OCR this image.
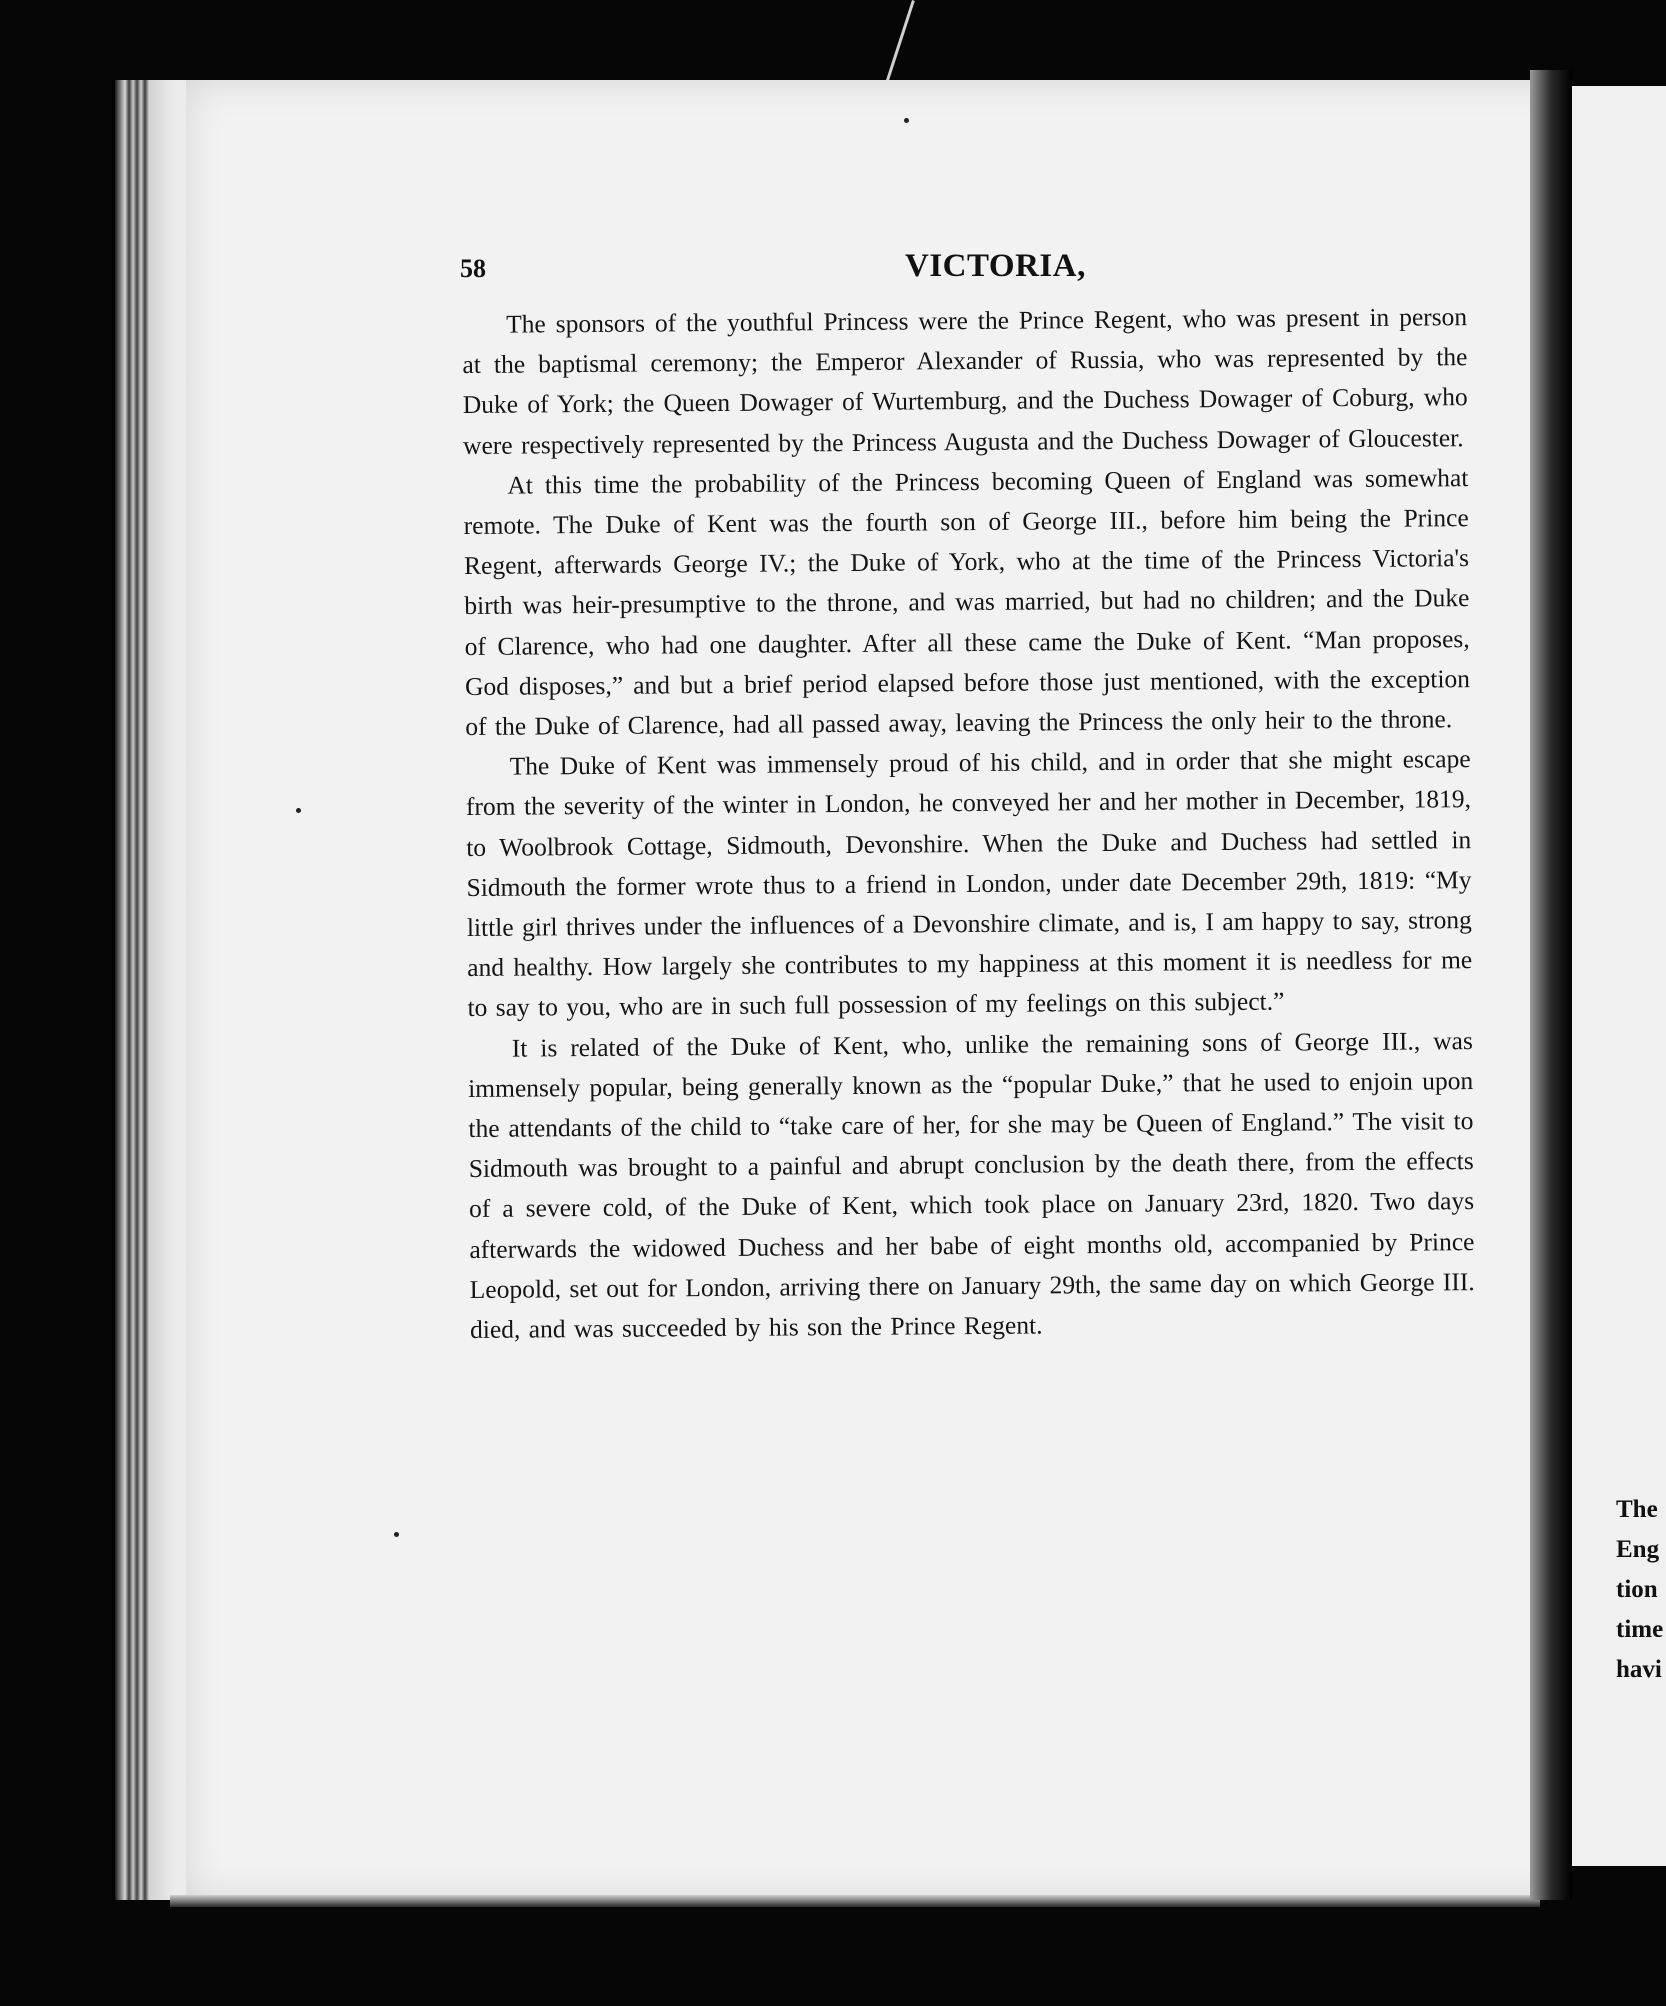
58	VICTORIA,

The sponsors of the youthful Princess were the Prince Regent, who was present in person at the baptismal ceremony; the Emperor Alexander of Russia, who was represented by the Duke of York; the Queen Dowager of Wurtemburg, and the Duchess Dowager of Coburg, who were respectively represented by the Princess Augusta and the Duchess Dowager of Gloucester.

At this time the probability of the Princess becoming Queen of England was somewhat remote. The Duke of Kent was the fourth son of George III., before him being the Prince Regent, afterwards George IV.; the Duke of York, who at the time of the Princess Victoria's birth was heir-presumptive to the throne, and was married, but had no children; and the Duke of Clarence, who had one daughter. After all these came the Duke of Kent. “Man proposes, God disposes,” and but a brief period elapsed before those just mentioned, with the exception of the Duke of Clarence, had all passed away, leaving the Princess the only heir to the throne.

The Duke of Kent was immensely proud of his child, and in order that she might escape from the severity of the winter in London, he conveyed her and her mother in December, 1819, to Woolbrook Cottage, Sidmouth, Devonshire. When the Duke and Duchess had settled in Sidmouth the former wrote thus to a friend in London, under date December 29th, 1819: “My little girl thrives under the influences of a Devonshire climate, and is, I am happy to say, strong and healthy. How largely she contributes to my happiness at this moment it is needless for me to say to you, who are in such full possession of my feelings on this subject.”

It is related of the Duke of Kent, who, unlike the remaining sons of George III., was immensely popular, being generally known as the “popular Duke,” that he used to enjoin upon the attendants of the child to “take care of her, for she may be Queen of England.” The visit to Sidmouth was brought to a painful and abrupt conclusion by the death there, from the effects of a severe cold, of the Duke of Kent, which took place on January 23rd, 1820. Two days afterwards the widowed Duchess and her babe of eight months old, accompanied by Prince Leopold, set out for London, arriving there on January 29th, the same day on which George III. died, and was succeeded by his son the Prince Regent.

The
Eng
tion
time
havi
